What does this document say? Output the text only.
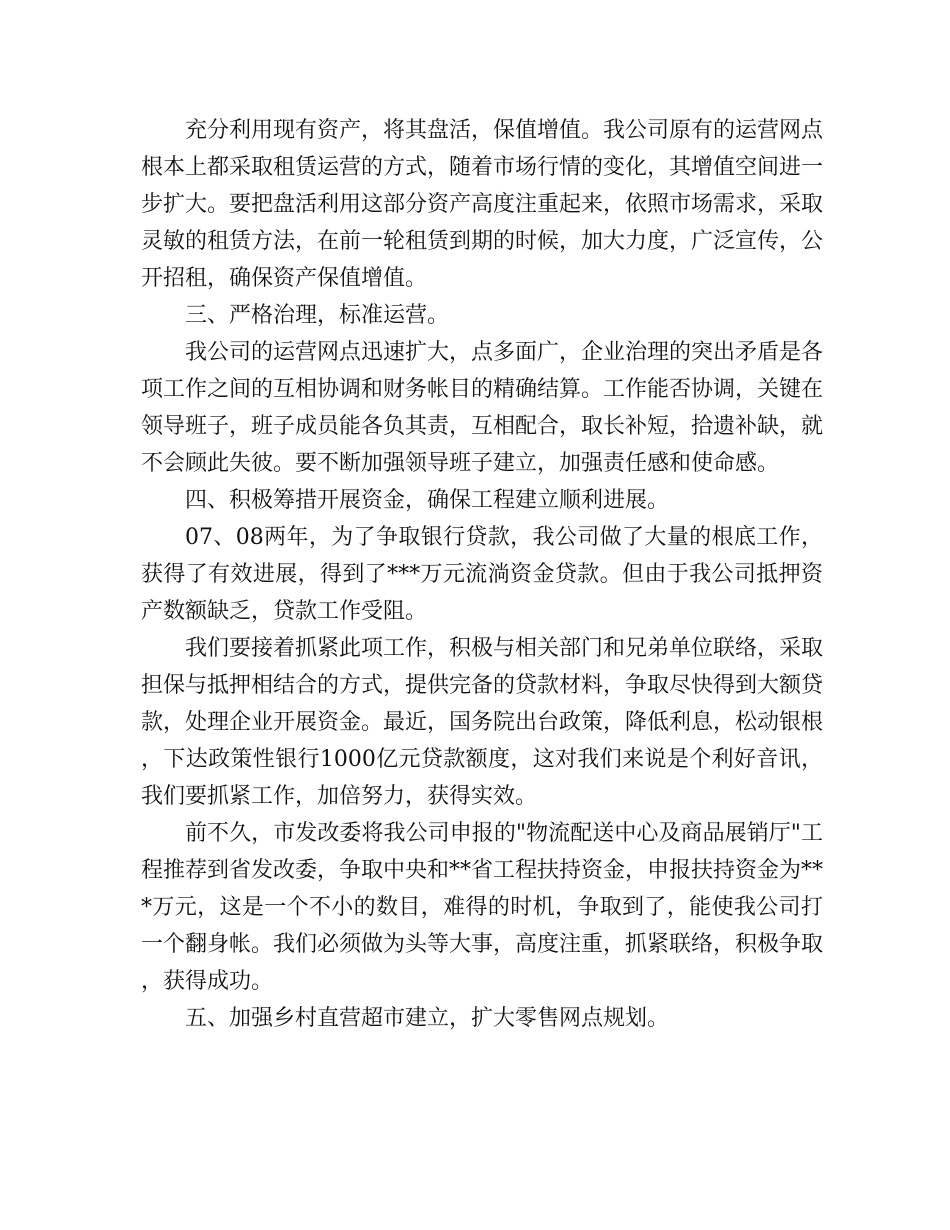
充分利用现有资产，将其盘活，保值增值。我公司原有的运营网点根本上都采取租赁运营的方式，随着市场行情的变化，其增值空间进一步扩大。要把盘活利用这部分资产高度注重起来，依照市场需求，采取灵敏的租赁方法，在前一轮租赁到期的时候，加大力度，广泛宣传，公开招租，确保资产保值增值。

三、严格治理，标准运营。

我公司的运营网点迅速扩大，点多面广，企业治理的突出矛盾是各项工作之间的互相协调和财务帐目的精确结算。工作能否协调，关键在领导班子，班子成员能各负其责，互相配合，取长补短，拾遗补缺，就不会顾此失彼。要不断加强领导班子建立，加强责任感和使命感。

四、积极筹措开展资金，确保工程建立顺利进展。

07、08两年，为了争取银行贷款，我公司做了大量的根底工作，获得了有效进展，得到了***万元流淌资金贷款。但由于我公司抵押资产数额缺乏，贷款工作受阻。

我们要接着抓紧此项工作，积极与相关部门和兄弟单位联络，采取担保与抵押相结合的方式，提供完备的贷款材料，争取尽快得到大额贷款，处理企业开展资金。最近，国务院出台政策，降低利息，松动银根，下达政策性银行1000亿元贷款额度，这对我们来说是个利好音讯，我们要抓紧工作，加倍努力，获得实效。

前不久，市发改委将我公司申报的"物流配送中心及商品展销厅"工程推荐到省发改委，争取中央和**省工程扶持资金，申报扶持资金为***万元，这是一个不小的数目，难得的时机，争取到了，能使我公司打一个翻身帐。我们必须做为头等大事，高度注重，抓紧联络，积极争取，获得成功。

五、加强乡村直营超市建立，扩大零售网点规划。
